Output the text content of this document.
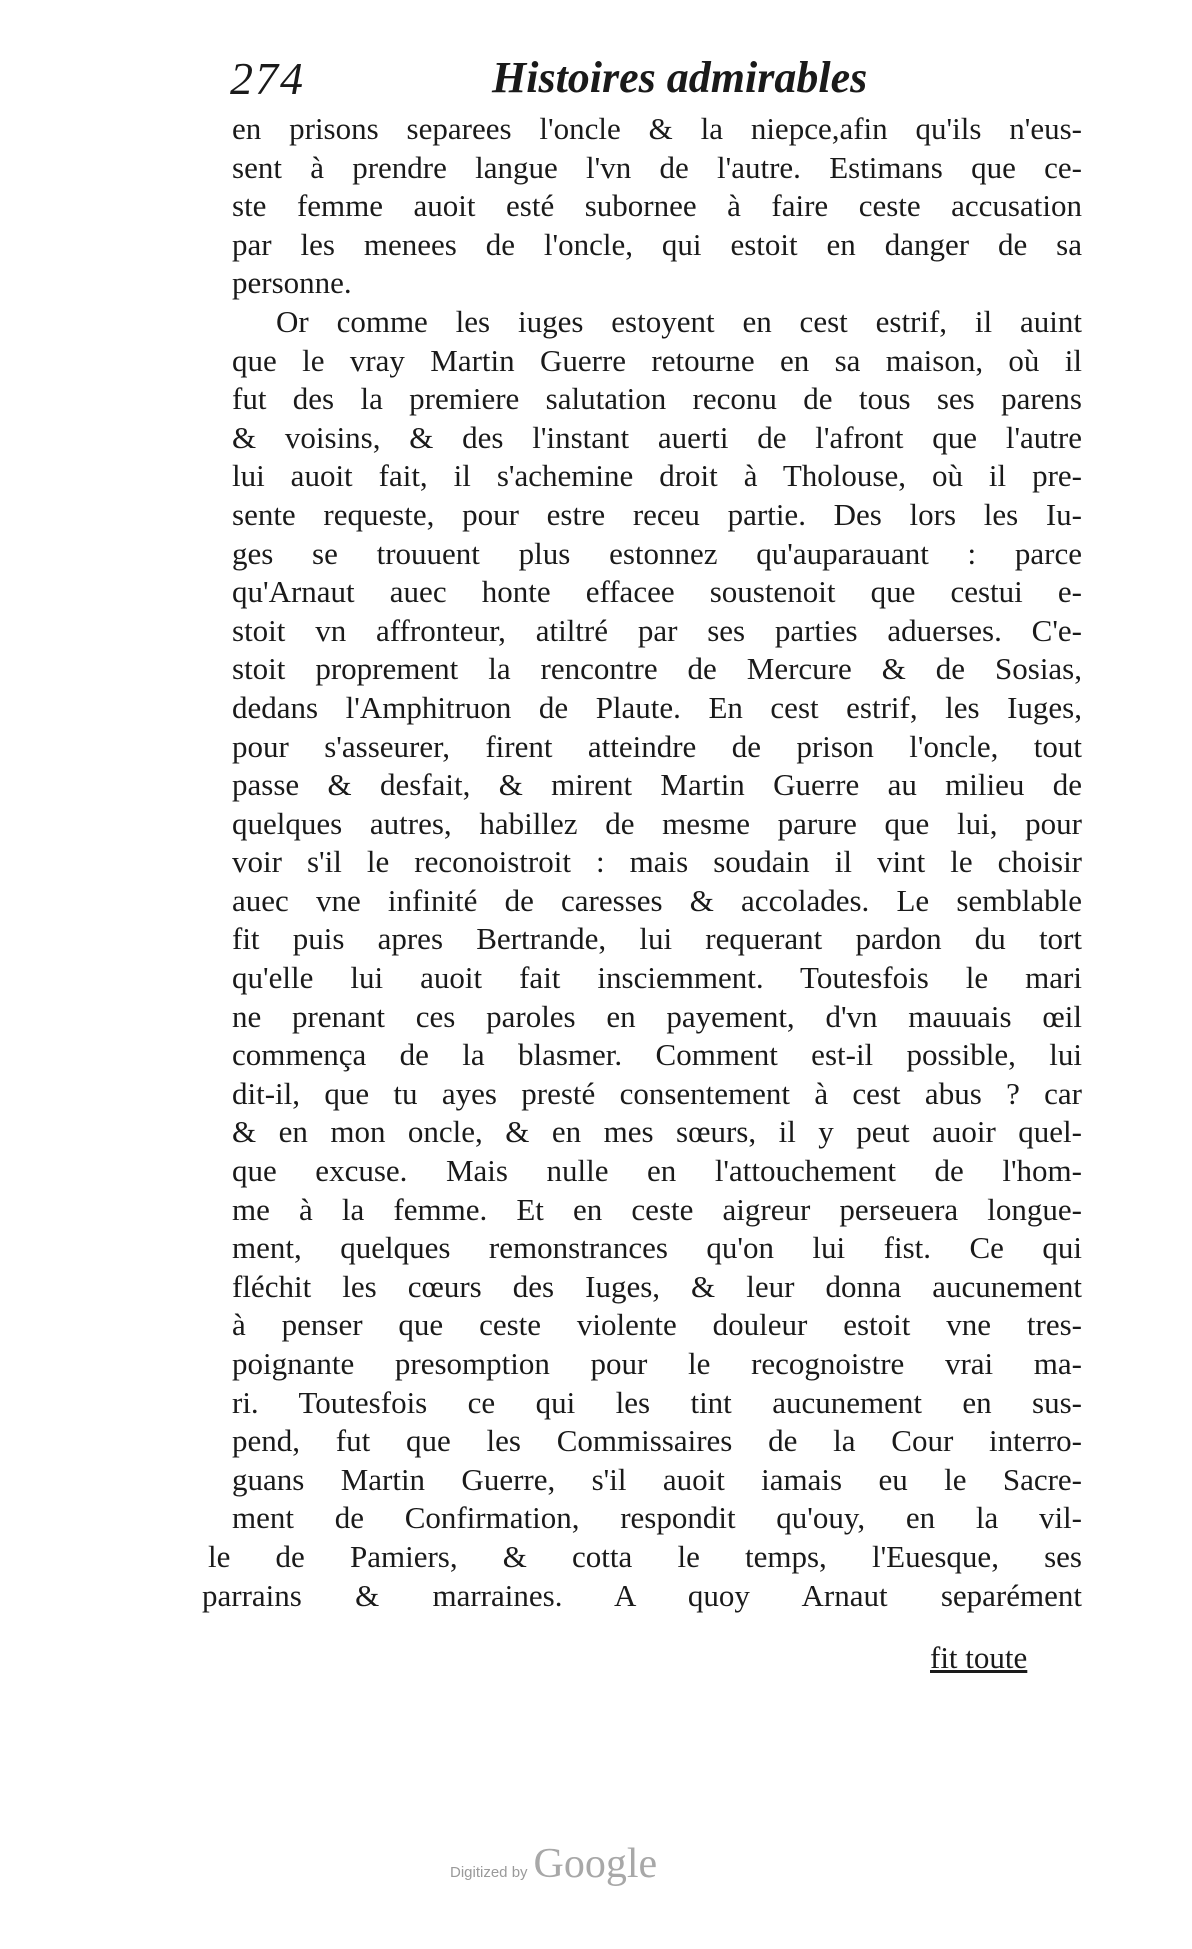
274	Histoires admirables
en prisons separees l'oncle & la niepce,afin qu'ils n'eus-
sent à prendre langue l'vn de l'autre. Estimans que ce-
ste femme auoit esté subornee à faire ceste accusation
par les menees de l'oncle, qui estoit en danger de sa
personne.
Or comme les iuges estoyent en cest estrif, il auint
que le vray Martin Guerre retourne en sa maison, où il
fut des la premiere salutation reconu de tous ses parens
& voisins, & des l'instant auerti de l'afront que l'autre
lui auoit fait, il s'achemine droit à Tholouse, où il pre-
sente requeste, pour estre receu partie. Des lors les Iu-
ges se trouuent plus estonnez qu'auparauant : parce
qu'Arnaut auec honte effacee soustenoit que cestui e-
stoit vn affronteur, atiltré par ses parties aduerses. C'e-
stoit proprement la rencontre de Mercure & de Sosias,
dedans l'Amphitruon de Plaute. En cest estrif, les Iuges,
pour s'asseurer, firent atteindre de prison l'oncle, tout
passe & desfait, & mirent Martin Guerre au milieu de
quelques autres, habillez de mesme parure que lui, pour
voir s'il le reconoistroit : mais soudain il vint le choisir
auec vne infinité de caresses & accolades. Le semblable
fit puis apres Bertrande, lui requerant pardon du tort
qu'elle lui auoit fait insciemment. Toutesfois le mari
ne prenant ces paroles en payement, d'vn mauuais œil
commença de la blasmer. Comment est-il possible, lui
dit-il, que tu ayes presté consentement à cest abus ? car
& en mon oncle, & en mes sœurs, il y peut auoir quel-
que excuse. Mais nulle en l'attouchement de l'hom-
me à la femme. Et en ceste aigreur perseuera longue-
ment, quelques remonstrances qu'on lui fist. Ce qui
fléchit les cœurs des Iuges, & leur donna aucunement
à penser que ceste violente douleur estoit vne tres-
poignante presomption pour le recognoistre vrai ma-
ri. Toutesfois ce qui les tint aucunement en sus-
pend, fut que les Commissaires de la Cour interro-
guans Martin Guerre, s'il auoit iamais eu le Sacre-
ment de Confirmation, respondit qu'ouy, en la vil-
le de Pamiers, & cotta le temps, l'Euesque, ses
parrains & marraines. A quoy Arnaut separément
fit toute
Digitized by Google
